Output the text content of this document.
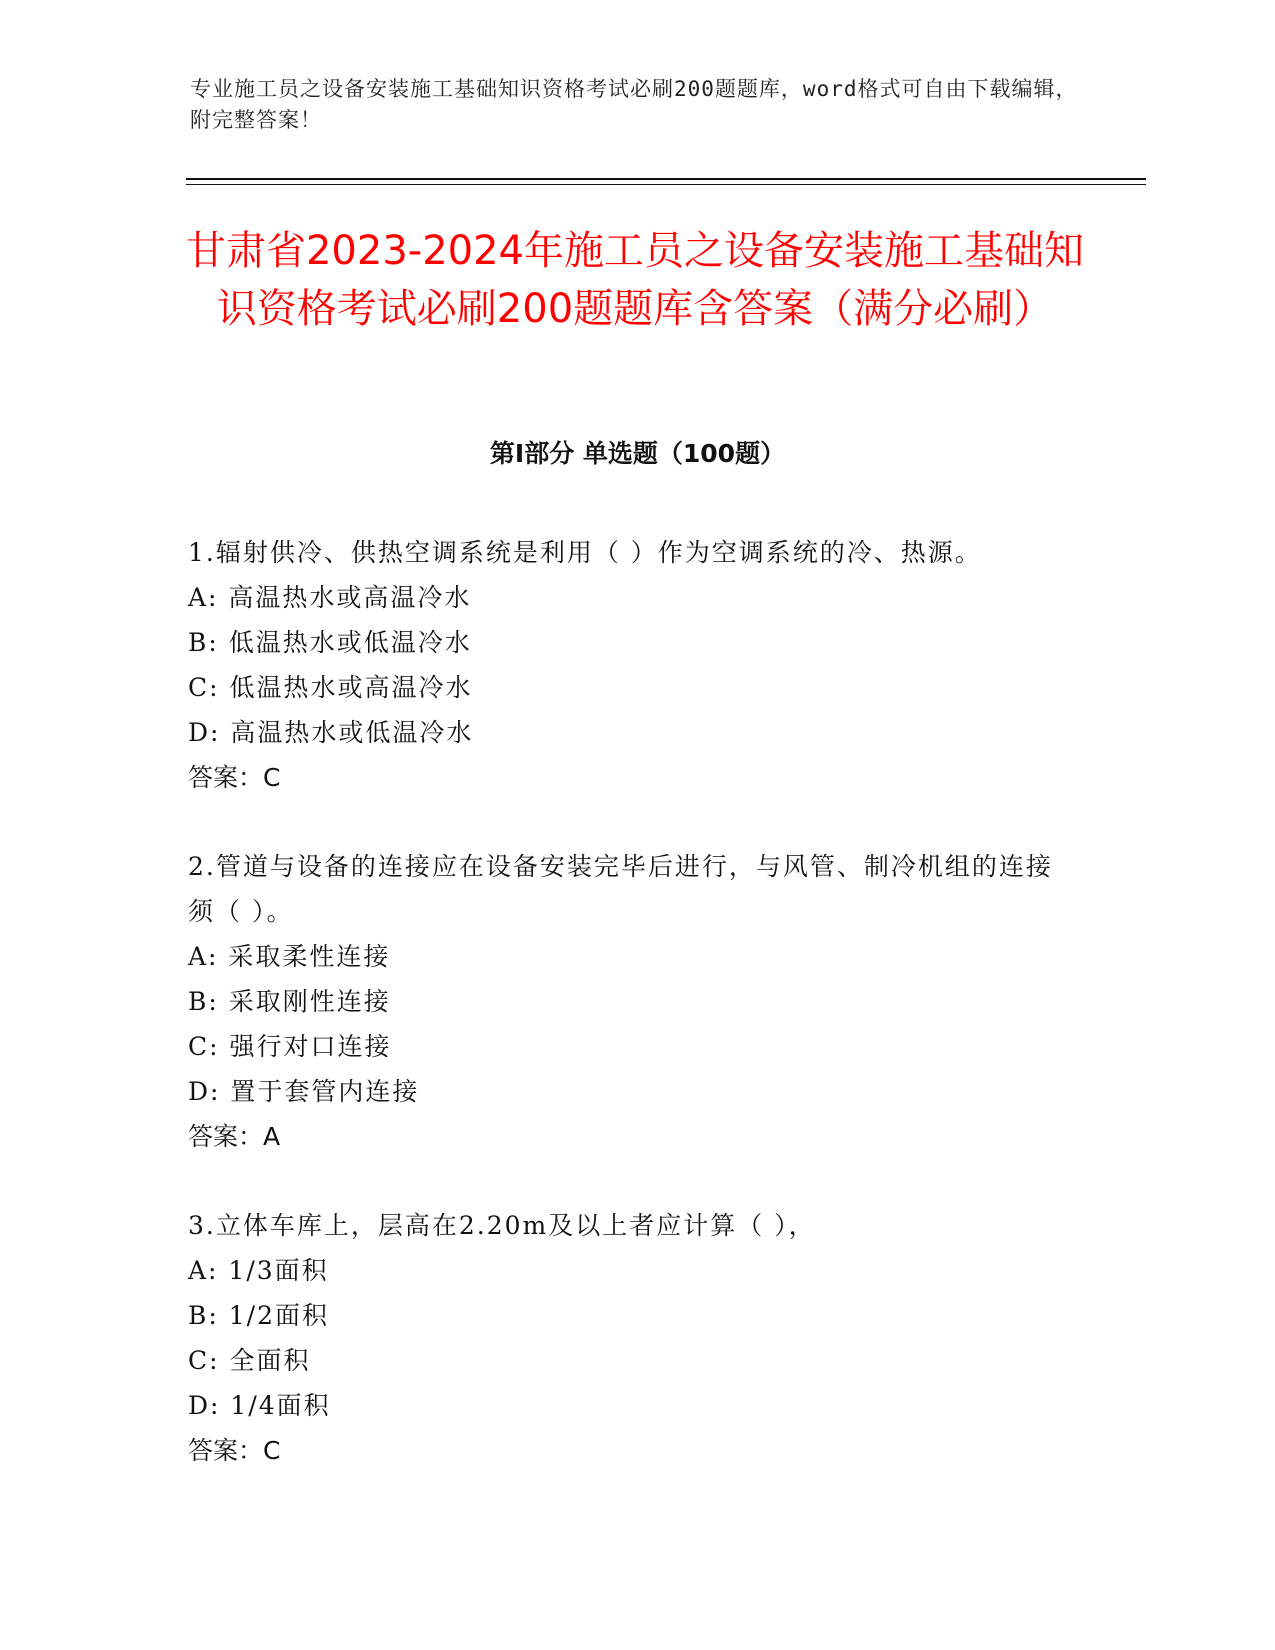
专业施工员之设备安装施工基础知识资格考试必刷200题题库，word格式可自由下载编辑，附完整答案！
甘肃省2023-2024年施工员之设备安装施工基础知识资格考试必刷200题题库含答案（满分必刷）
第I部分 单选题（100题）
1.辐射供冷、供热空调系统是利用（ ）作为空调系统的冷、热源。
A: 高温热水或高温冷水
B: 低温热水或低温冷水
C: 低温热水或高温冷水
D: 高温热水或低温冷水
答案：C
2.管道与设备的连接应在设备安装完毕后进行，与风管、制冷机组的连接须（ ）。
A: 采取柔性连接
B: 采取刚性连接
C: 强行对口连接
D: 置于套管内连接
答案：A
3.立体车库上，层高在2.20m及以上者应计算（ ），
A: 1/3面积
B: 1/2面积
C: 全面积
D: 1/4面积
答案：C
